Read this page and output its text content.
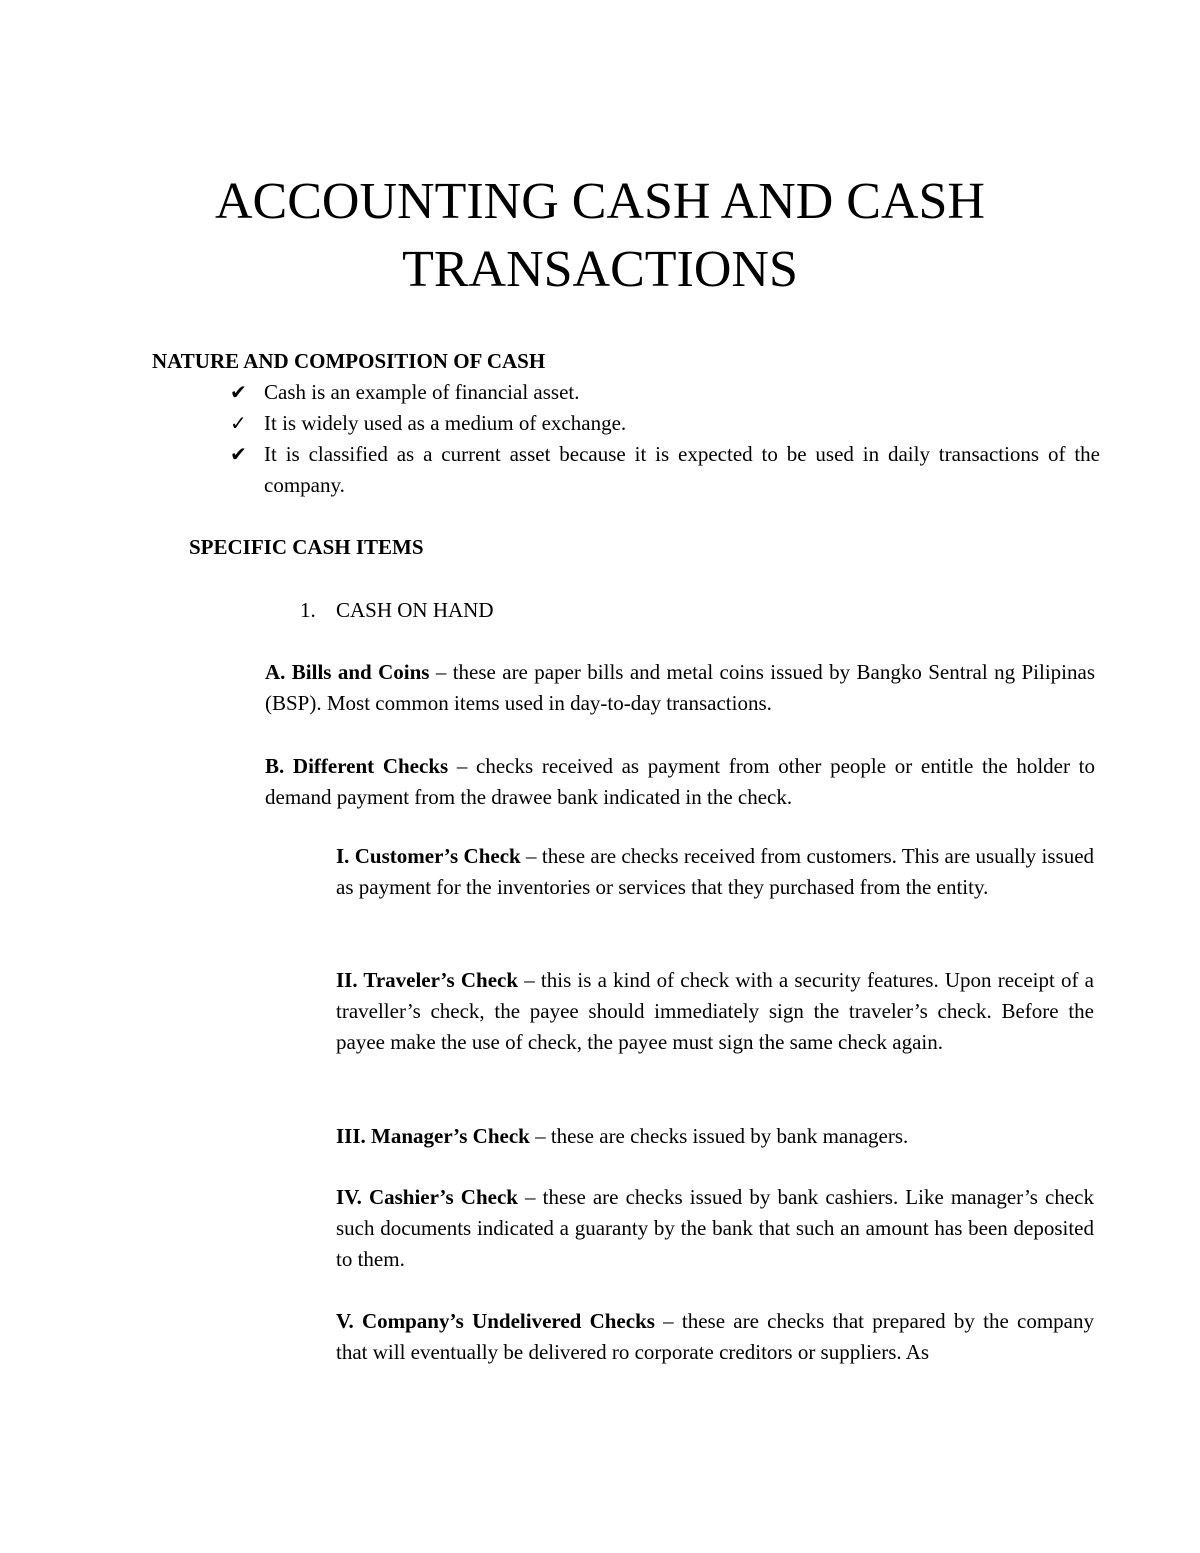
ACCOUNTING CASH AND CASH
TRANSACTIONS
NATURE AND COMPOSITION OF CASH
✔ Cash is an example of financial asset.
✓ It is widely used as a medium of exchange.
✔ It is classified as a current asset because it is expected to be used in daily transactions of the company.
SPECIFIC CASH ITEMS

1. CASH ON HAND

A. Bills and Coins – these are paper bills and metal coins issued by Bangko Sentral ng Pilipinas (BSP). Most common items used in day-to-day transactions.

B. Different Checks – checks received as payment from other people or entitle the holder to demand payment from the drawee bank indicated in the check.

I. Customer’s Check – these are checks received from customers. This are usually issued as payment for the inventories or services that they purchased from the entity.

II. Traveler’s Check – this is a kind of check with a security features. Upon receipt of a traveller’s check, the payee should immediately sign the traveler’s check. Before the payee make the use of check, the payee must sign the same check again.

III. Manager’s Check – these are checks issued by bank managers.

IV. Cashier’s Check – these are checks issued by bank cashiers. Like manager’s check such documents indicated a guaranty by the bank that such an amount has been deposited to them.

V. Company’s Undelivered Checks – these are checks that prepared by the company that will eventually be delivered ro corporate creditors or suppliers. As
